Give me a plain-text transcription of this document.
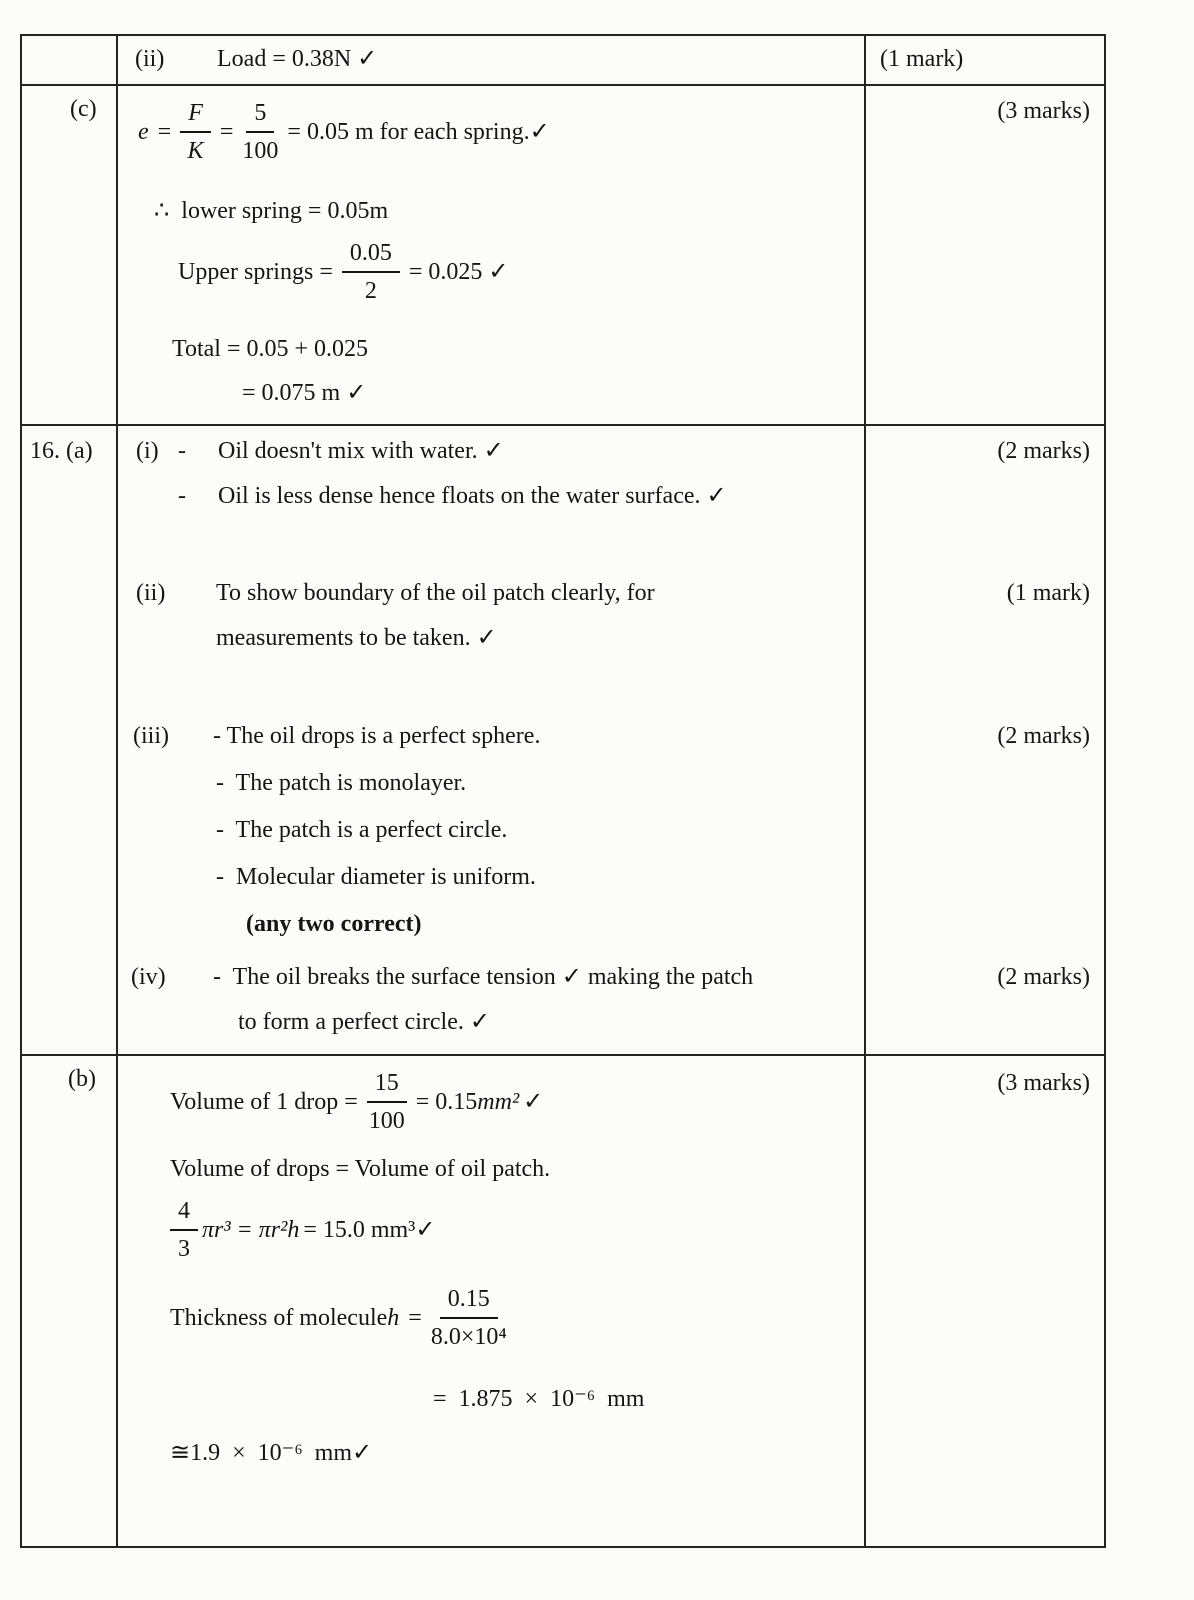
(ii) Load = 0.38N ✓	(1 mark)
(c)
$e = \frac{F}{K} = \frac{5}{100} = 0.05$ m for each spring.✓
∴  lower spring = 0.05m
Upper springs = $\frac{0.05}{2} = 0.025$ ✓
Total = 0.05 + 0.025
= 0.075 m ✓
(3 marks)
16. (a) (i) - Oil doesn't mix with water. ✓
- Oil is less dense hence floats on the water surface. ✓
(ii) To show boundary of the oil patch clearly, for
measurements to be taken. ✓
(iii) - The oil drops is a perfect sphere.
-  The patch is monolayer.
-  The patch is a perfect circle.
-  Molecular diameter is uniform.
(any two correct)
(iv) -  The oil breaks the surface tension ✓ making the patch
to form a perfect circle. ✓
(2 marks)
(1 mark)
(2 marks)
(2 marks)
(b)
Volume of 1 drop = $\frac{15}{100} = 0.15$ mm² ✓
Volume of drops = Volume of oil patch.
$\frac{4}{3} \pi r^3 = \pi r^2h = 15.0$ mm³✓
Thickness of molecule $h = \frac{0.15}{\text{8.0×10⁴}}$
=  1.875  ×  10⁻⁶  mm
≅1.9  ×  10⁻⁶  mm✓
(3 marks)
